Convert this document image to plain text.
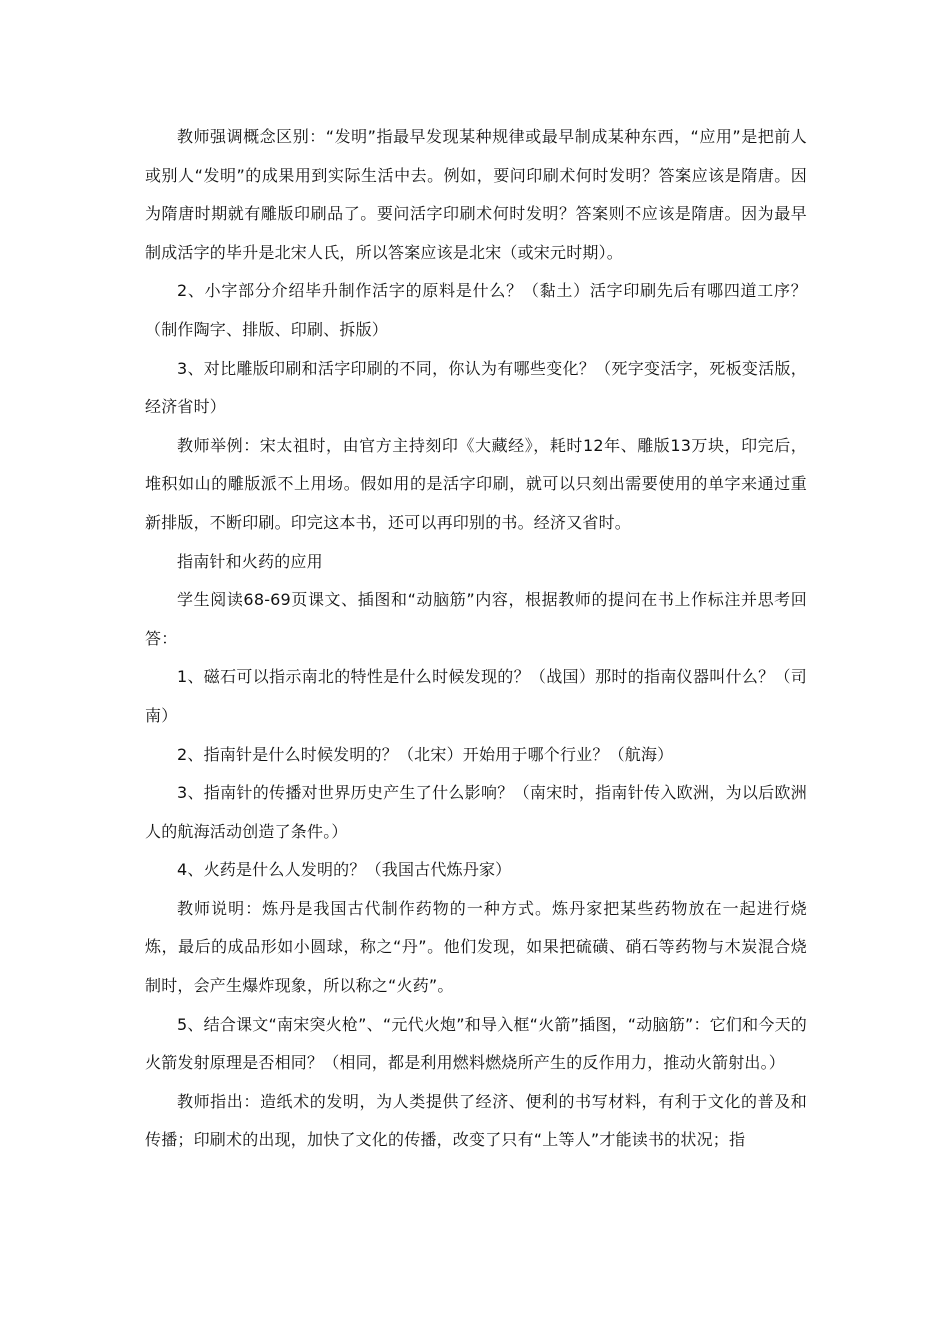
教师强调概念区别：“发明”指最早发现某种规律或最早制成某种东西，“应用”是把前人或别人“发明”的成果用到实际生活中去。例如，要问印刷术何时发明？答案应该是隋唐。因为隋唐时期就有雕版印刷品了。要问活字印刷术何时发明？答案则不应该是隋唐。因为最早制成活字的毕升是北宋人氏，所以答案应该是北宋（或宋元时期）。

2、小字部分介绍毕升制作活字的原料是什么？（黏土）活字印刷先后有哪四道工序？（制作陶字、排版、印刷、拆版）

3、对比雕版印刷和活字印刷的不同，你认为有哪些变化？（死字变活字，死板变活版，经济省时）

教师举例：宋太祖时，由官方主持刻印《大藏经》，耗时12年、雕版13万块，印完后，堆积如山的雕版派不上用场。假如用的是活字印刷，就可以只刻出需要使用的单字来通过重新排版，不断印刷。印完这本书，还可以再印别的书。经济又省时。

指南针和火药的应用

学生阅读68-69页课文、插图和“动脑筋”内容，根据教师的提问在书上作标注并思考回答：

1、磁石可以指示南北的特性是什么时候发现的？（战国）那时的指南仪器叫什么？（司南）

2、指南针是什么时候发明的？（北宋）开始用于哪个行业？（航海）

3、指南针的传播对世界历史产生了什么影响？（南宋时，指南针传入欧洲，为以后欧洲人的航海活动创造了条件。）

4、火药是什么人发明的？（我国古代炼丹家）

教师说明：炼丹是我国古代制作药物的一种方式。炼丹家把某些药物放在一起进行烧炼，最后的成品形如小圆球，称之“丹”。他们发现，如果把硫磺、硝石等药物与木炭混合烧制时，会产生爆炸现象，所以称之“火药”。

5、结合课文“南宋突火枪”、“元代火炮”和导入框“火箭”插图，“动脑筋”：它们和今天的火箭发射原理是否相同？（相同，都是利用燃料燃烧所产生的反作用力，推动火箭射出。）

教师指出：造纸术的发明，为人类提供了经济、便利的书写材料，有利于文化的普及和传播；印刷术的出现，加快了文化的传播，改变了只有“上等人”才能读书的状况；指
